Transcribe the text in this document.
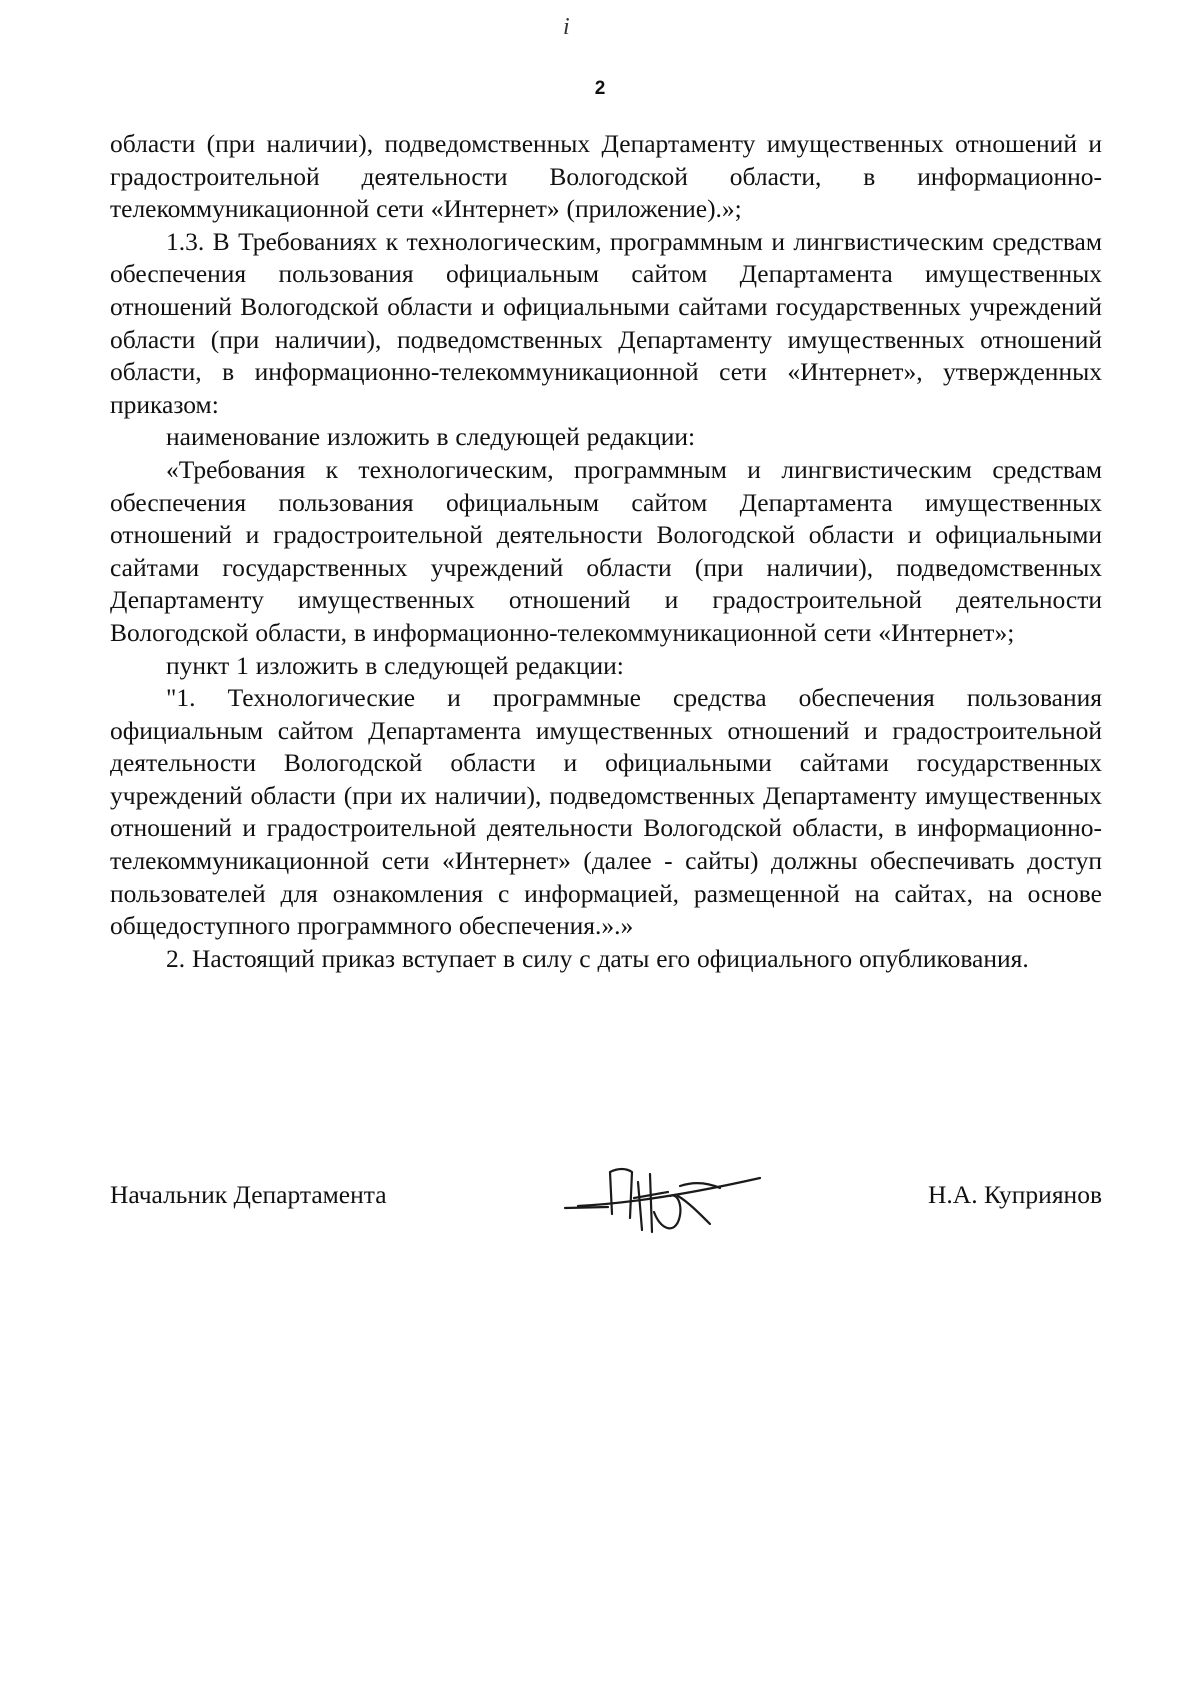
i
2

области (при наличии), подведомственных Департаменту имущественных отношений и градостроительной деятельности Вологодской области, в информационно-телекоммуникационной сети «Интернет» (приложение).»;

1.3. В Требованиях к технологическим, программным и лингвистическим средствам обеспечения пользования официальным сайтом Департамента имущественных отношений Вологодской области и официальными сайтами государственных учреждений области (при наличии), подведомственных Департаменту имущественных отношений области, в информационно-телекоммуникационной сети «Интернет», утвержденных приказом:

наименование изложить в следующей редакции:

«Требования к технологическим, программным и лингвистическим средствам обеспечения пользования официальным сайтом Департамента имущественных отношений и градостроительной деятельности Вологодской области и официальными сайтами государственных учреждений области (при наличии), подведомственных Департаменту имущественных отношений и градостроительной деятельности Вологодской области, в информационно-телекоммуникационной сети «Интернет»;

пункт 1 изложить в следующей редакции:

"1. Технологические и программные средства обеспечения пользования официальным сайтом Департамента имущественных отношений и градостроительной деятельности Вологодской области и официальными сайтами государственных учреждений области (при их наличии), подведомственных Департаменту имущественных отношений и градостроительной деятельности Вологодской области, в информационно-телекоммуникационной сети «Интернет» (далее - сайты) должны обеспечивать доступ пользователей для ознакомления с информацией, размещенной на сайтах, на основе общедоступного программного обеспечения.».»

2. Настоящий приказ вступает в силу с даты его официального опубликования.

Начальник Департамента	Н.А. Куприянов
